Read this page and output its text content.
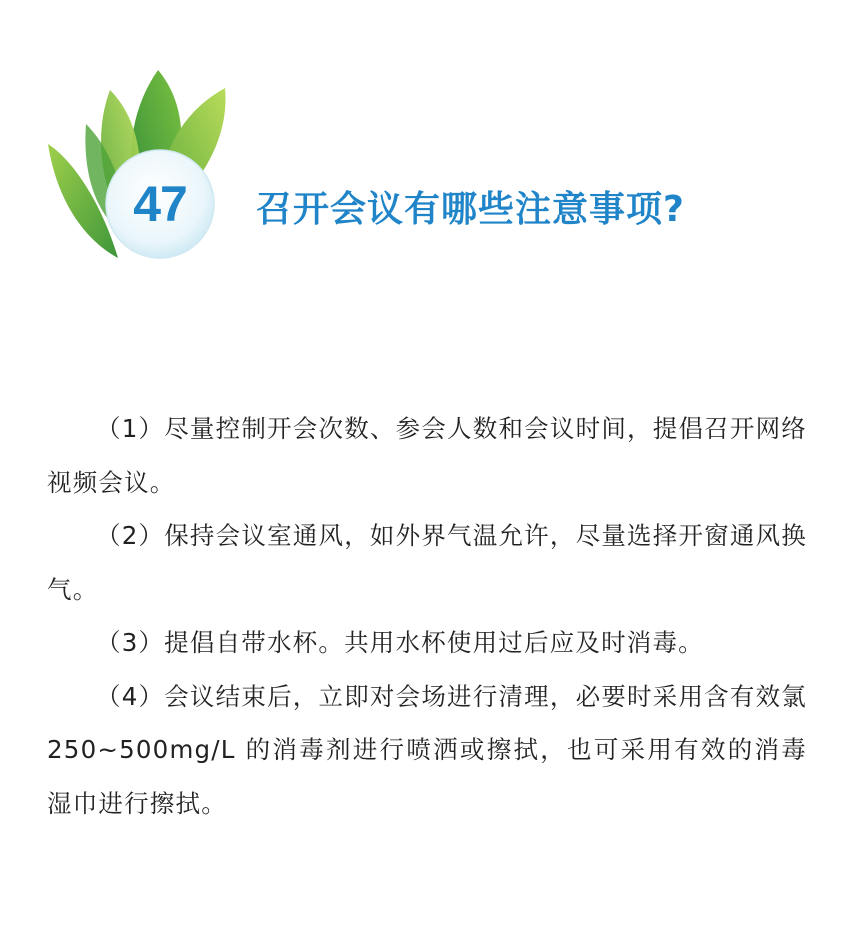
47	召开会议有哪些注意事项?

（1）尽量控制开会次数、参会人数和会议时间，提倡召开网络视频会议。

（2）保持会议室通风，如外界气温允许，尽量选择开窗通风换气。

（3）提倡自带水杯。共用水杯使用过后应及时消毒。

（4）会议结束后，立即对会场进行清理，必要时采用含有效氯 250~500mg/L 的消毒剂进行喷洒或擦拭，也可采用有效的消毒湿巾进行擦拭。
